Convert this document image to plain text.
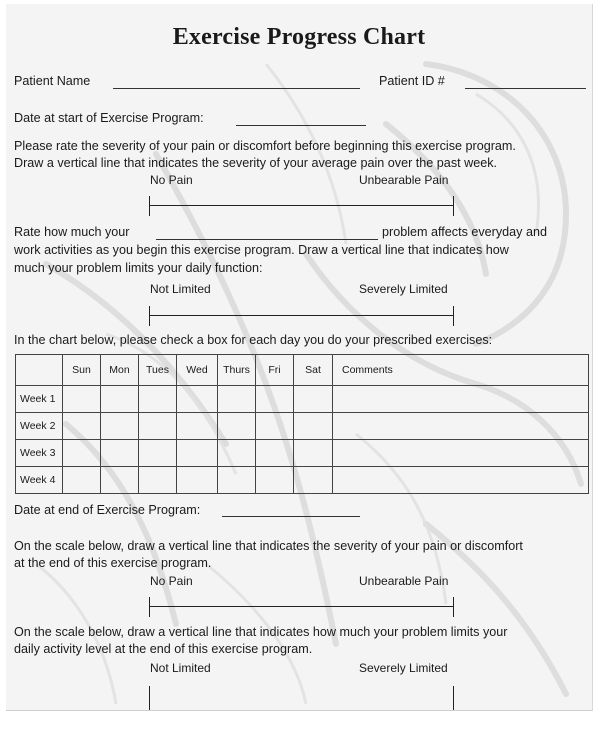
Exercise Progress Chart
Patient Name	Patient ID #
Date at start of Exercise Program:
Please rate the severity of your pain or discomfort before beginning this exercise program.
Draw a vertical line that indicates the severity of your average pain over the past week.
No Pain	Unbearable Pain
Rate how much your	problem affects everyday and
work activities as you begin this exercise program. Draw a vertical line that indicates how
much your problem limits your daily function:
Not Limited	Severely Limited
In the chart below, please check a box for each day you do your prescribed exercises:
	Sun	Mon	Tues	Wed	Thurs	Fri	Sat	Comments
Week 1								
Week 2								
Week 3								
Week 4								
Date at end of Exercise Program:
On the scale below, draw a vertical line that indicates the severity of your pain or discomfort
at the end of this exercise program.
No Pain	Unbearable Pain
On the scale below, draw a vertical line that indicates how much your problem limits your
daily activity level at the end of this exercise program.
Not Limited	Severely Limited
